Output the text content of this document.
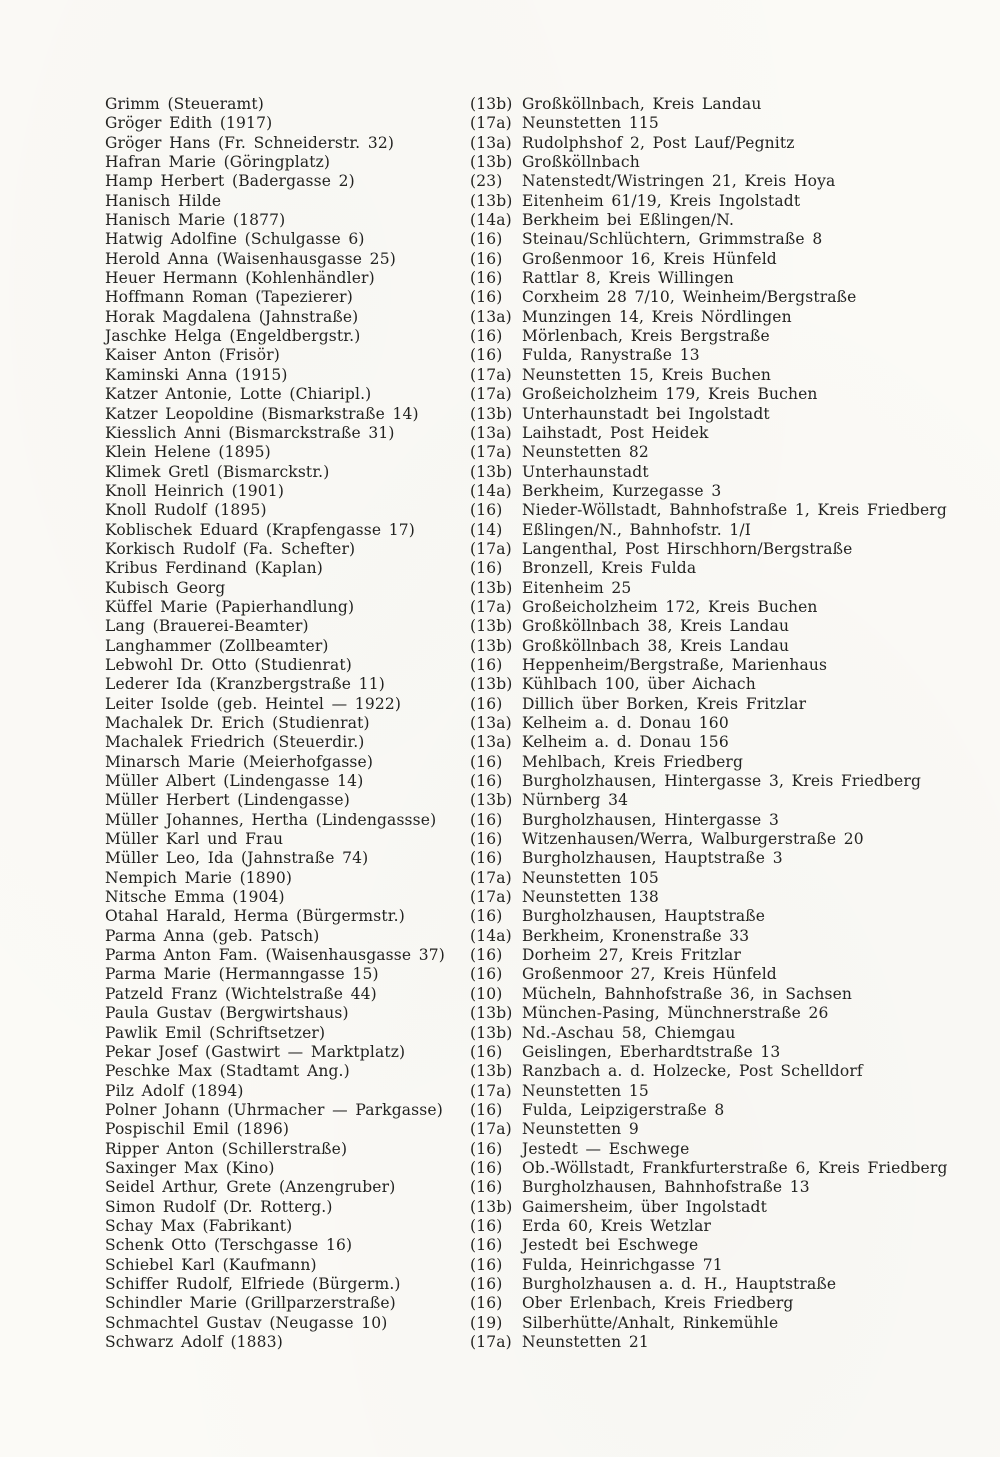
Grimm (Steueramt)	(13b) Großköllnbach, Kreis Landau
Gröger Edith (1917)	(17a) Neunstetten 115
Gröger Hans (Fr. Schneiderstr. 32)	(13a) Rudolphshof 2, Post Lauf/Pegnitz
Hafran Marie (Göringplatz)	(13b) Großköllnbach
Hamp Herbert (Badergasse 2)	(23)	Natenstedt/Wistringen 21, Kreis Hoya
Hanisch Hilde	(13b) Eitenheim 61/19, Kreis Ingolstadt
Hanisch Marie (1877)	(14a) Berkheim bei Eßlingen/N.
Hatwig Adolfine (Schulgasse 6)	(16)	Steinau/Schlüchtern, Grimmstraße 8
Herold Anna (Waisenhausgasse 25)	(16)	Großenmoor 16, Kreis Hünfeld
Heuer Hermann (Kohlenhändler)	(16)	Rattlar 8, Kreis Willingen
Hoffmann Roman (Tapezierer)	(16)	Corxheim 28 7/10, Weinheim/Bergstraße
Horak Magdalena (Jahnstraße)	(13a) Munzingen 14, Kreis Nördlingen
Jaschke Helga (Engeldbergstr.)	(16)	Mörlenbach, Kreis Bergstraße
Kaiser Anton (Frisör)	(16)	Fulda, Ranystraße 13
Kaminski Anna (1915)	(17a) Neunstetten 15, Kreis Buchen
Katzer Antonie, Lotte (Chiaripl.)	(17a) Großeicholzheim 179, Kreis Buchen
Katzer Leopoldine (Bismarkstraße 14)	(13b) Unterhaunstadt bei Ingolstadt
Kiesslich Anni (Bismarckstraße 31)	(13a) Laihstadt, Post Heidek
Klein Helene (1895)	(17a) Neunstetten 82
Klimek Gretl (Bismarckstr.)	(13b) Unterhaunstadt
Knoll Heinrich (1901)	(14a) Berkheim, Kurzegasse 3
Knoll Rudolf (1895)	(16)	Nieder-Wöllstadt, Bahnhofstraße 1, Kreis Friedberg
Koblischek Eduard (Krapfengasse 17)	(14)	Eßlingen/N., Bahnhofstr. 1/I
Korkisch Rudolf (Fa. Schefter)	(17a) Langenthal, Post Hirschhorn/Bergstraße
Kribus Ferdinand (Kaplan)	(16)	Bronzell, Kreis Fulda
Kubisch Georg	(13b) Eitenheim 25
Küffel Marie (Papierhandlung)	(17a) Großeicholzheim 172, Kreis Buchen
Lang (Brauerei-Beamter)	(13b) Großköllnbach 38, Kreis Landau
Langhammer (Zollbeamter)	(13b) Großköllnbach 38, Kreis Landau
Lebwohl Dr. Otto (Studienrat)	(16)	Heppenheim/Bergstraße, Marienhaus
Lederer Ida (Kranzbergstraße 11)	(13b) Kühlbach 100, über Aichach
Leiter Isolde (geb. Heintel — 1922)	(16)	Dillich über Borken, Kreis Fritzlar
Machalek Dr. Erich (Studienrat)	(13a) Kelheim a. d. Donau 160
Machalek Friedrich (Steuerdir.)	(13a) Kelheim a. d. Donau 156
Minarsch Marie (Meierhofgasse)	(16)	Mehlbach, Kreis Friedberg
Müller Albert (Lindengasse 14)	(16)	Burgholzhausen, Hintergasse 3, Kreis Friedberg
Müller Herbert (Lindengasse)	(13b) Nürnberg 34
Müller Johannes, Hertha (Lindengassse)	(16)	Burgholzhausen, Hintergasse 3
Müller Karl und Frau	(16)	Witzenhausen/Werra, Walburgerstraße 20
Müller Leo, Ida (Jahnstraße 74)	(16)	Burgholzhausen, Hauptstraße 3
Nempich Marie (1890)	(17a) Neunstetten 105
Nitsche Emma (1904)	(17a) Neunstetten 138
Otahal Harald, Herma (Bürgermstr.)	(16)	Burgholzhausen, Hauptstraße
Parma Anna (geb. Patsch)	(14a) Berkheim, Kronenstraße 33
Parma Anton Fam. (Waisenhausgasse 37)	(16)	Dorheim 27, Kreis Fritzlar
Parma Marie (Hermanngasse 15)	(16)	Großenmoor 27, Kreis Hünfeld
Patzeld Franz (Wichtelstraße 44)	(10)	Mücheln, Bahnhofstraße 36, in Sachsen
Paula Gustav (Bergwirtshaus)	(13b) München-Pasing, Münchnerstraße 26
Pawlik Emil (Schriftsetzer)	(13b) Nd.-Aschau 58, Chiemgau
Pekar Josef (Gastwirt — Marktplatz)	(16)	Geislingen, Eberhardtstraße 13
Peschke Max (Stadtamt Ang.)	(13b) Ranzbach a. d. Holzecke, Post Schelldorf
Pilz Adolf (1894)	(17a) Neunstetten 15
Polner Johann (Uhrmacher — Parkgasse)	(16)	Fulda, Leipzigerstraße 8
Pospischil Emil (1896)	(17a) Neunstetten 9
Ripper Anton (Schillerstraße)	(16)	Jestedt — Eschwege
Saxinger Max (Kino)	(16)	Ob.-Wöllstadt, Frankfurterstraße 6, Kreis Friedberg
Seidel Arthur, Grete (Anzengruber)	(16)	Burgholzhausen, Bahnhofstraße 13
Simon Rudolf (Dr. Rotterg.)	(13b) Gaimersheim, über Ingolstadt
Schay Max (Fabrikant)	(16)	Erda 60, Kreis Wetzlar
Schenk Otto (Terschgasse 16)	(16)	Jestedt bei Eschwege
Schiebel Karl (Kaufmann)	(16)	Fulda, Heinrichgasse 71
Schiffer Rudolf, Elfriede (Bürgerm.)	(16)	Burgholzhausen a. d. H., Hauptstraße
Schindler Marie (Grillparzerstraße)	(16)	Ober Erlenbach, Kreis Friedberg
Schmachtel Gustav (Neugasse 10)	(19)	Silberhütte/Anhalt, Rinkemühle
Schwarz Adolf (1883)	(17a) Neunstetten 21
